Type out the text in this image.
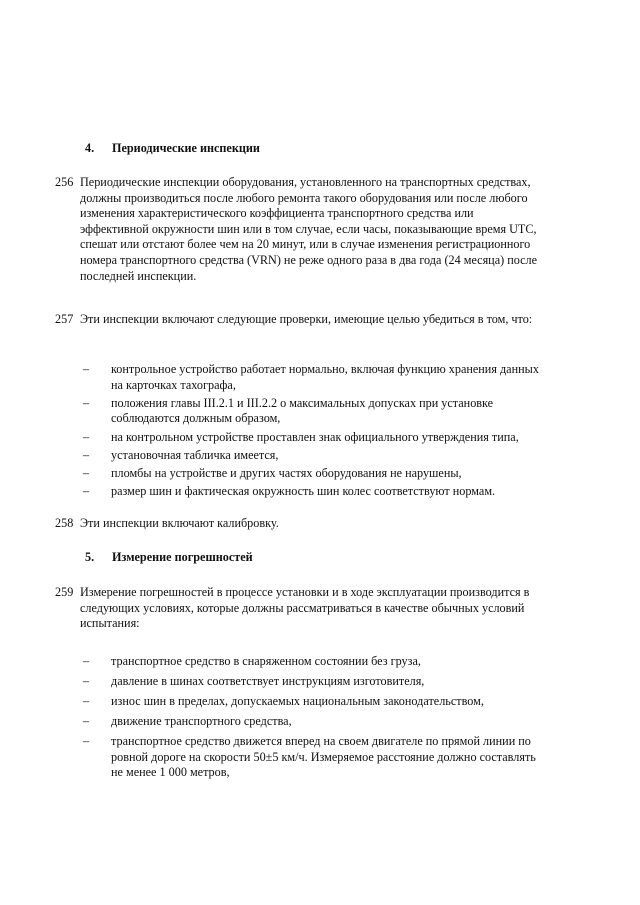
4. Периодические инспекции
256 Периодические инспекции оборудования, установленного на транспортных средствах, должны производиться после любого ремонта такого оборудования или после любого изменения характеристического коэффициента транспортного средства или эффективной окружности шин или в том случае, если часы, показывающие время UTC, спешат или отстают более чем на 20 минут, или в случае изменения регистрационного номера транспортного средства (VRN) не реже одного раза в два года (24 месяца) после последней инспекции.
257 Эти инспекции включают следующие проверки, имеющие целью убедиться в том, что:
– контрольное устройство работает нормально, включая функцию хранения данных на карточках тахографа,
– положения главы III.2.1 и III.2.2 о максимальных допусках при установке соблюдаются должным образом,
– на контрольном устройстве проставлен знак официального утверждения типа,
– установочная табличка имеется,
– пломбы на устройстве и других частях оборудования не нарушены,
– размер шин и фактическая окружность шин колес соответствуют нормам.
258 Эти инспекции включают калибровку.
5. Измерение погрешностей
259 Измерение погрешностей в процессе установки и в ходе эксплуатации производится в следующих условиях, которые должны рассматриваться в качестве обычных условий испытания:
– транспортное средство в снаряженном состоянии без груза,
– давление в шинах соответствует инструкциям изготовителя,
– износ шин в пределах, допускаемых национальным законодательством,
– движение транспортного средства,
– транспортное средство движется вперед на своем двигателе по прямой линии по ровной дороге на скорости 50±5 км/ч. Измеряемое расстояние должно составлять не менее 1 000 метров,
